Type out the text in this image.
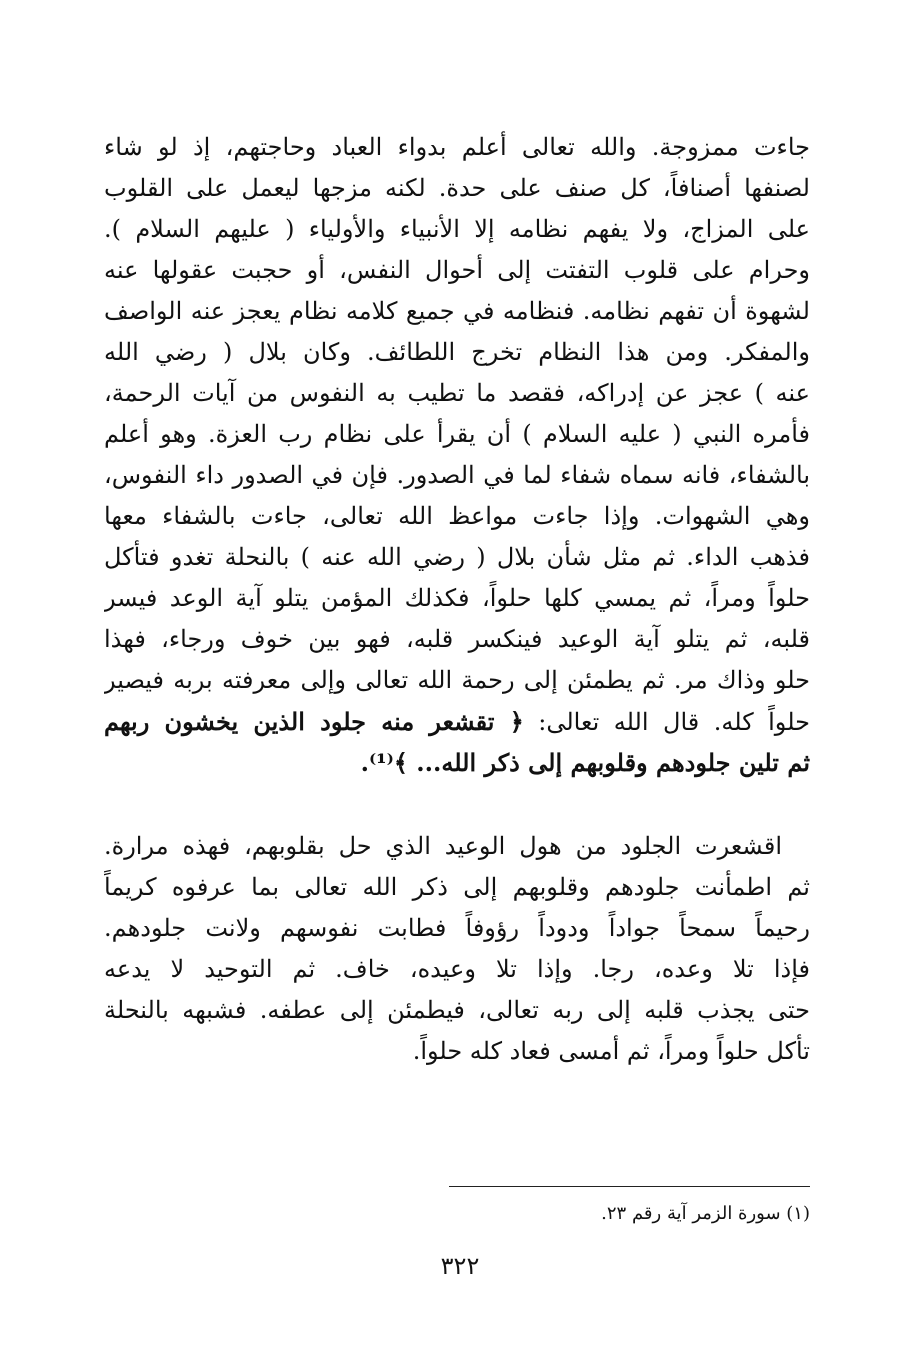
جاءت ممزوجة. والله تعالى أعلم بدواء العباد وحاجتهم، إذ لو شاء
لصنفها أصنافاً، كل صنف على حدة. لكنه مزجها ليعمل على القلوب
على المزاج، ولا يفهم نظامه إلا الأنبياء والأولياء ( عليهم السلام ).
وحرام على قلوب التفتت إلى أحوال النفس، أو حجبت عقولها عنه
لشهوة أن تفهم نظامه. فنظامه في جميع كلامه نظام يعجز عنه الواصف
والمفكر. ومن هذا النظام تخرج اللطائف. وكان بلال ( رضي الله
عنه ) عجز عن إدراكه، فقصد ما تطيب به النفوس من آيات الرحمة،
فأمره النبي ( عليه السلام ) أن يقرأ على نظام رب العزة. وهو أعلم
بالشفاء، فانه سماه شفاء لما في الصدور. فإن في الصدور داء النفوس،
وهي الشهوات. وإذا جاءت مواعظ الله تعالى، جاءت بالشفاء معها
فذهب الداء. ثم مثل شأن بلال ( رضي الله عنه ) بالنحلة تغدو فتأكل
حلواً ومراً، ثم يمسي كلها حلواً، فكذلك المؤمن يتلو آية الوعد فيسر
قلبه، ثم يتلو آية الوعيد فينكسر قلبه، فهو بين خوف ورجاء، فهذا
حلو وذاك مر. ثم يطمئن إلى رحمة الله تعالى وإلى معرفته بربه فيصير
حلواً كله. قال الله تعالى: ﴿ تقشعر منه جلود الذين يخشون ربهم
ثم تلين جلودهم وقلوبهم إلى ذكر الله... ﴾⁽¹⁾.
اقشعرت الجلود من هول الوعيد الذي حل بقلوبهم، فهذه مرارة.
ثم اطمأنت جلودهم وقلوبهم إلى ذكر الله تعالى بما عرفوه كريماً
رحيماً سمحاً جواداً ودوداً رؤوفاً فطابت نفوسهم ولانت جلودهم.
فإذا تلا وعده، رجا. وإذا تلا وعيده، خاف. ثم التوحيد لا يدعه
حتى يجذب قلبه إلى ربه تعالى، فيطمئن إلى عطفه. فشبهه بالنحلة
تأكل حلواً ومراً، ثم أمسى فعاد كله حلواً.
(١) سورة الزمر آية رقم ٢٣.
٣٢٢
